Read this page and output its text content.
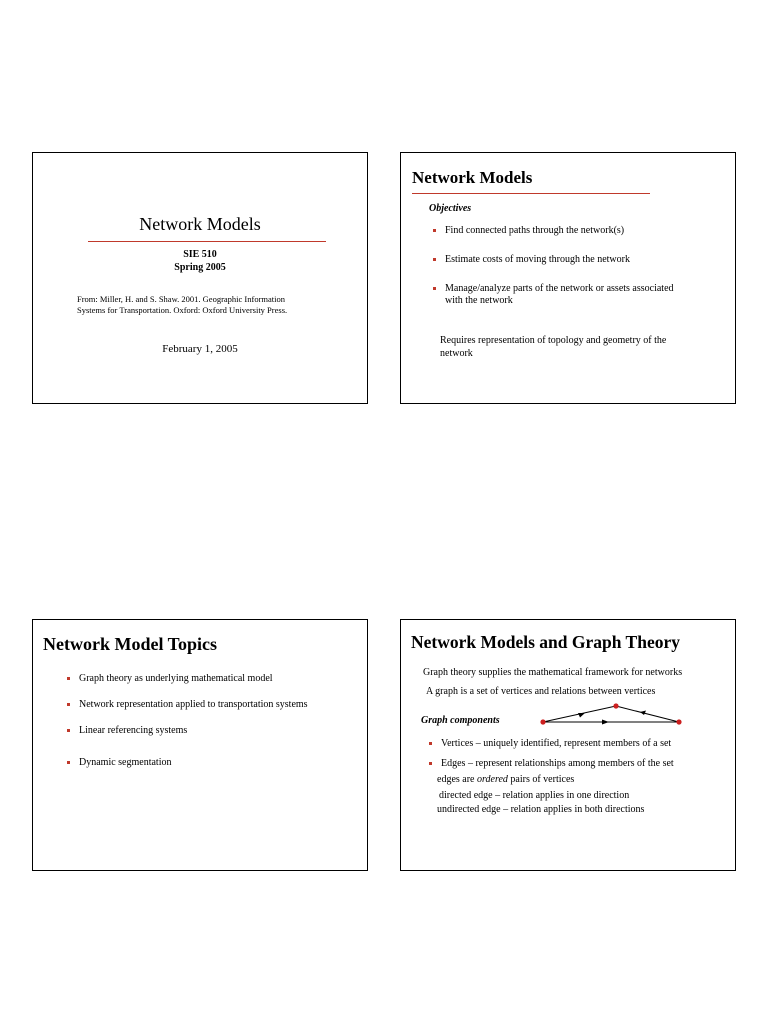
Network Models
SIE 510
Spring 2005
From: Miller, H. and S. Shaw. 2001. Geographic Information
Systems for Transportation. Oxford: Oxford University Press.
February 1, 2005
Network Models
Objectives
Find connected paths through the network(s)
Estimate costs of moving through the network
Manage/analyze parts of the network or assets associated with the network
Requires representation of topology and geometry of the network
Network Model Topics
Graph theory as underlying mathematical model
Network representation applied to transportation systems
Linear referencing systems
Dynamic segmentation
Network Models and Graph Theory
Graph theory supplies the mathematical framework for networks
A graph is a set of vertices and relations between vertices
Graph components
Vertices – uniquely identified, represent members of a set
Edges – represent relationships among members of the set
edges are ordered pairs of vertices
directed edge – relation applies in one direction
undirected edge – relation applies in both directions
